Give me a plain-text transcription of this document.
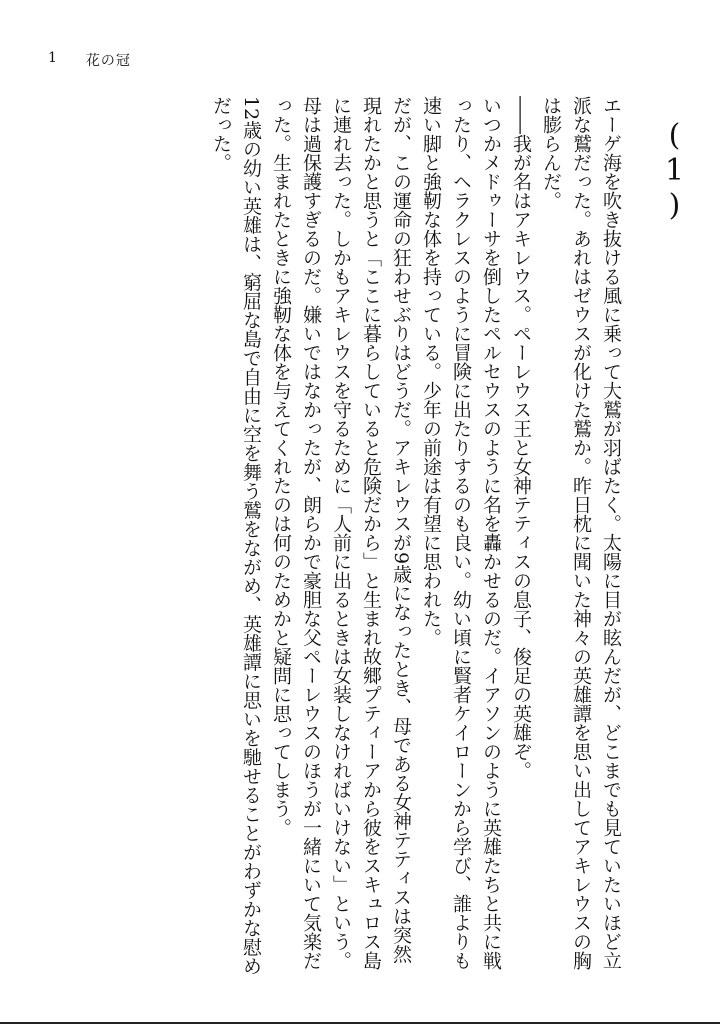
1 花の冠
(1)

エーゲ海を吹き抜ける風に乗って大鷲が羽ばたく。太陽に目が眩んだが、どこまでも見ていたいほど立派な鷲だった。あれはゼウスが化けた鷲か。昨日枕に聞いた神々の英雄譚を思い出してアキレウスの胸は膨らんだ。

――我が名はアキレウス。ペーレウス王と女神テティスの息子、俊足の英雄ぞ。

いつかメドゥーサを倒したペルセウスのように名を轟かせるのだ。イアソンのように英雄たちと共に戦ったり、ヘラクレスのように冒険に出たりするのも良い。幼い頃に賢者ケイローンから学び、誰よりも速い脚と強靭な体を持っている。少年の前途は有望に思われた。

だが、この運命の狂わせぶりはどうだ。アキレウスが9歳になったとき、母である女神テティスは突然現れたかと思うと「ここに暮らしていると危険だから」と生まれ故郷プティーアから彼をスキュロス島に連れ去った。しかもアキレウスを守るために「人前に出るときは女装しなければいけない」という。母は過保護すぎるのだ。嫌いではなかったが、朗らかで豪胆な父ペーレウスのほうが一緒にいて気楽だった。生まれたときに強靭な体を与えてくれたのは何のためかと疑問に思ってしまう。

12歳の幼い英雄は、窮屈な島で自由に空を舞う鷲をながめ、英雄譚に思いを馳せることがわずかな慰めだった。
